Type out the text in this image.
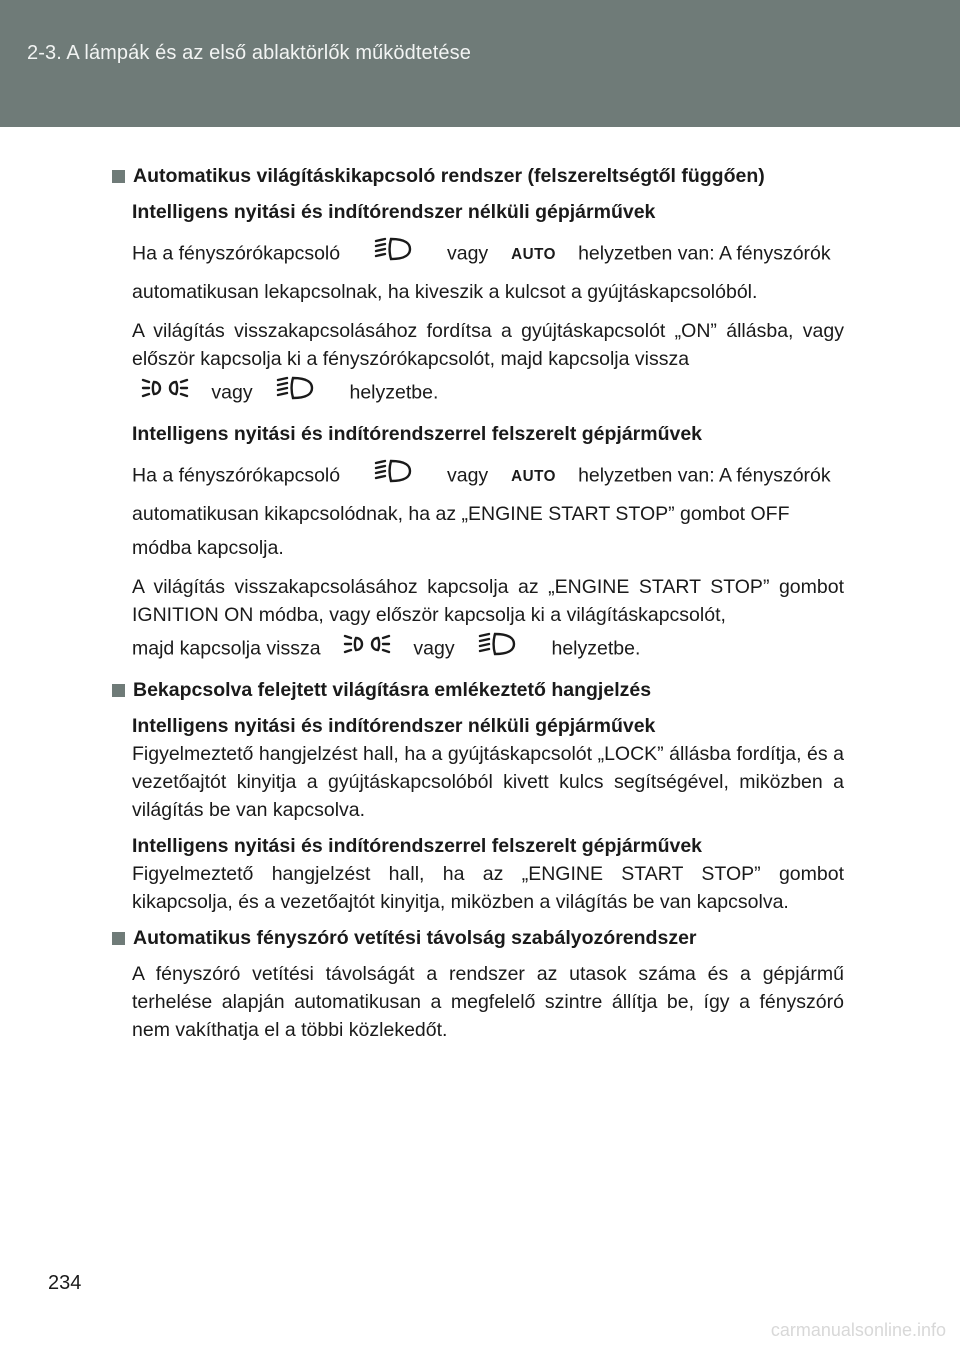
2-3. A lámpák és az első ablaktörlők működtetése
Automatikus világításkikapcsoló rendszer (felszereltségtől függően)
Intelligens nyitási és indítórendszer nélküli gépjárművek
Ha a fényszórókapcsoló	vagy AUTO helyzetben van: A fényszórók automatikusan lekapcsolnak, ha kiveszik a kulcsot a gyújtáskapcsolóból.
A világítás visszakapcsolásához fordítsa a gyújtáskapcsolót „ON” állásba, vagy először kapcsolja ki a fényszórókapcsolót, majd kapcsolja vissza
vagy	helyzetbe.
Intelligens nyitási és indítórendszerrel felszerelt gépjárművek
Ha a fényszórókapcsoló	vagy AUTO helyzetben van: A fényszórók automatikusan kikapcsolódnak, ha az „ENGINE START STOP” gombot OFF módba kapcsolja.
A világítás visszakapcsolásához kapcsolja az „ENGINE START STOP” gombot IGNITION ON módba, vagy először kapcsolja ki a világításkapcsolót,
majd kapcsolja vissza	vagy	helyzetbe.
Bekapcsolva felejtett világításra emlékeztető hangjelzés
Intelligens nyitási és indítórendszer nélküli gépjárművek
Figyelmeztető hangjelzést hall, ha a gyújtáskapcsolót „LOCK” állásba fordítja, és a vezetőajtót kinyitja a gyújtáskapcsolóból kivett kulcs segítségével, miközben a világítás be van kapcsolva.
Intelligens nyitási és indítórendszerrel felszerelt gépjárművek
Figyelmeztető hangjelzést hall, ha az „ENGINE START STOP” gombot kikapcsolja, és a vezetőajtót kinyitja, miközben a világítás be van kapcsolva.
Automatikus fényszóró vetítési távolság szabályozórendszer
A fényszóró vetítési távolságát a rendszer az utasok száma és a gépjármű terhelése alapján automatikusan a megfelelő szintre állítja be, így a fényszóró nem vakíthatja el a többi közlekedőt.
234
carmanualsonline.info
